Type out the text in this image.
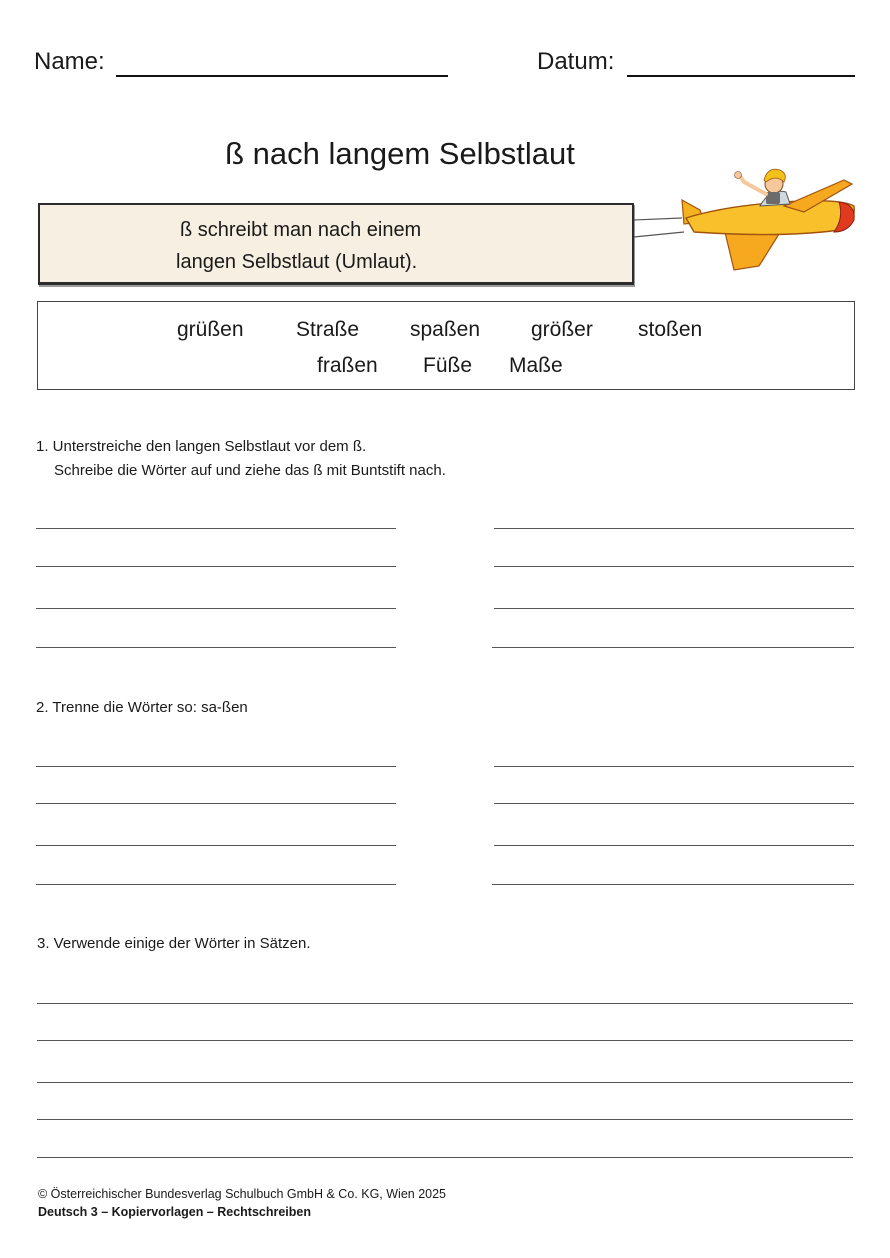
Name:	Datum:
ß nach langem Selbstlaut
ß schreibt man nach einem
langen Selbstlaut (Umlaut).
grüßen Straße spaßen größer stoßen
fraßen Füße Maße
1. Unterstreiche den langen Selbstlaut vor dem ß.
Schreibe die Wörter auf und ziehe das ß mit Buntstift nach.
2. Trenne die Wörter so: sa-ßen
3. Verwende einige der Wörter in Sätzen.
© Österreichischer Bundesverlag Schulbuch GmbH & Co. KG, Wien 2025
Deutsch 3 – Kopiervorlagen – Rechtschreiben
